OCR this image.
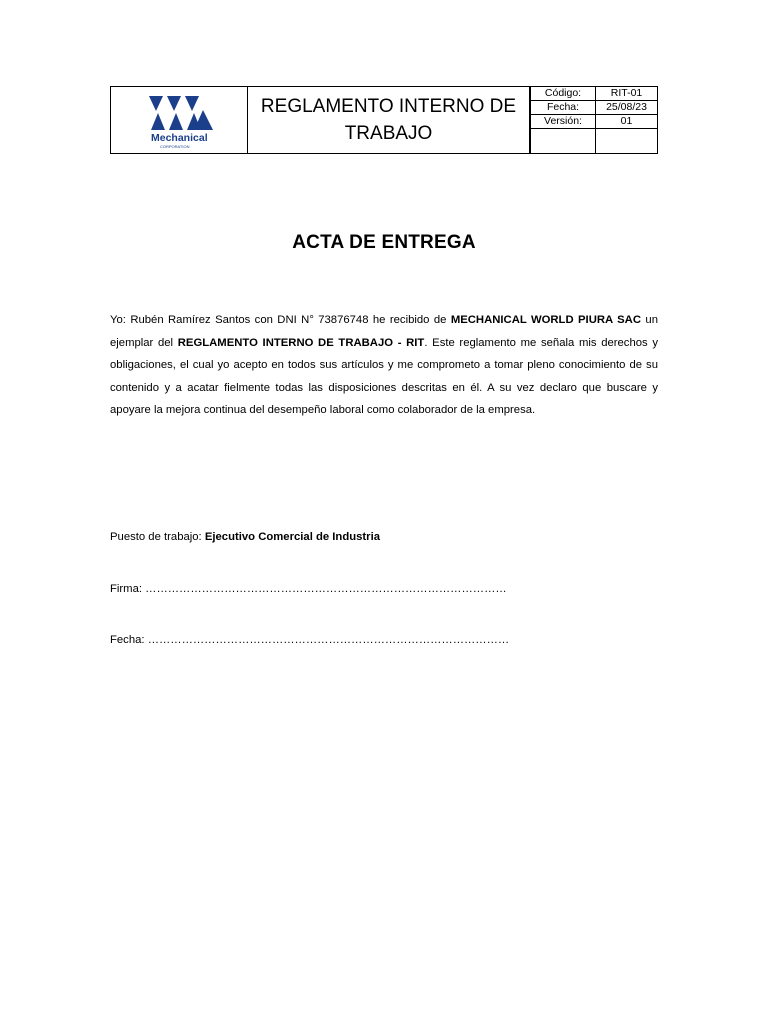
Mechanical
CORPORATION
REGLAMENTO INTERNO DE TRABAJO
Código:	RIT-01
Fecha:	25/08/23
Versión:	01

ACTA DE ENTREGA
Yo: Rubén Ramírez Santos con DNI N° 73876748 he recibido de MECHANICAL WORLD PIURA SAC un ejemplar del REGLAMENTO INTERNO DE TRABAJO - RIT. Este reglamento me señala mis derechos y obligaciones, el cual yo acepto en todos sus artículos y me comprometo a tomar pleno conocimiento de su contenido y a acatar fielmente todas las disposiciones descritas en él. A su vez declaro que buscare y apoyare la mejora continua del desempeño laboral como colaborador de la empresa.
Puesto de trabajo: Ejecutivo Comercial de Industria
Firma: ……………………………………………………………………………………
Fecha: ……………………………………………………………………………………
